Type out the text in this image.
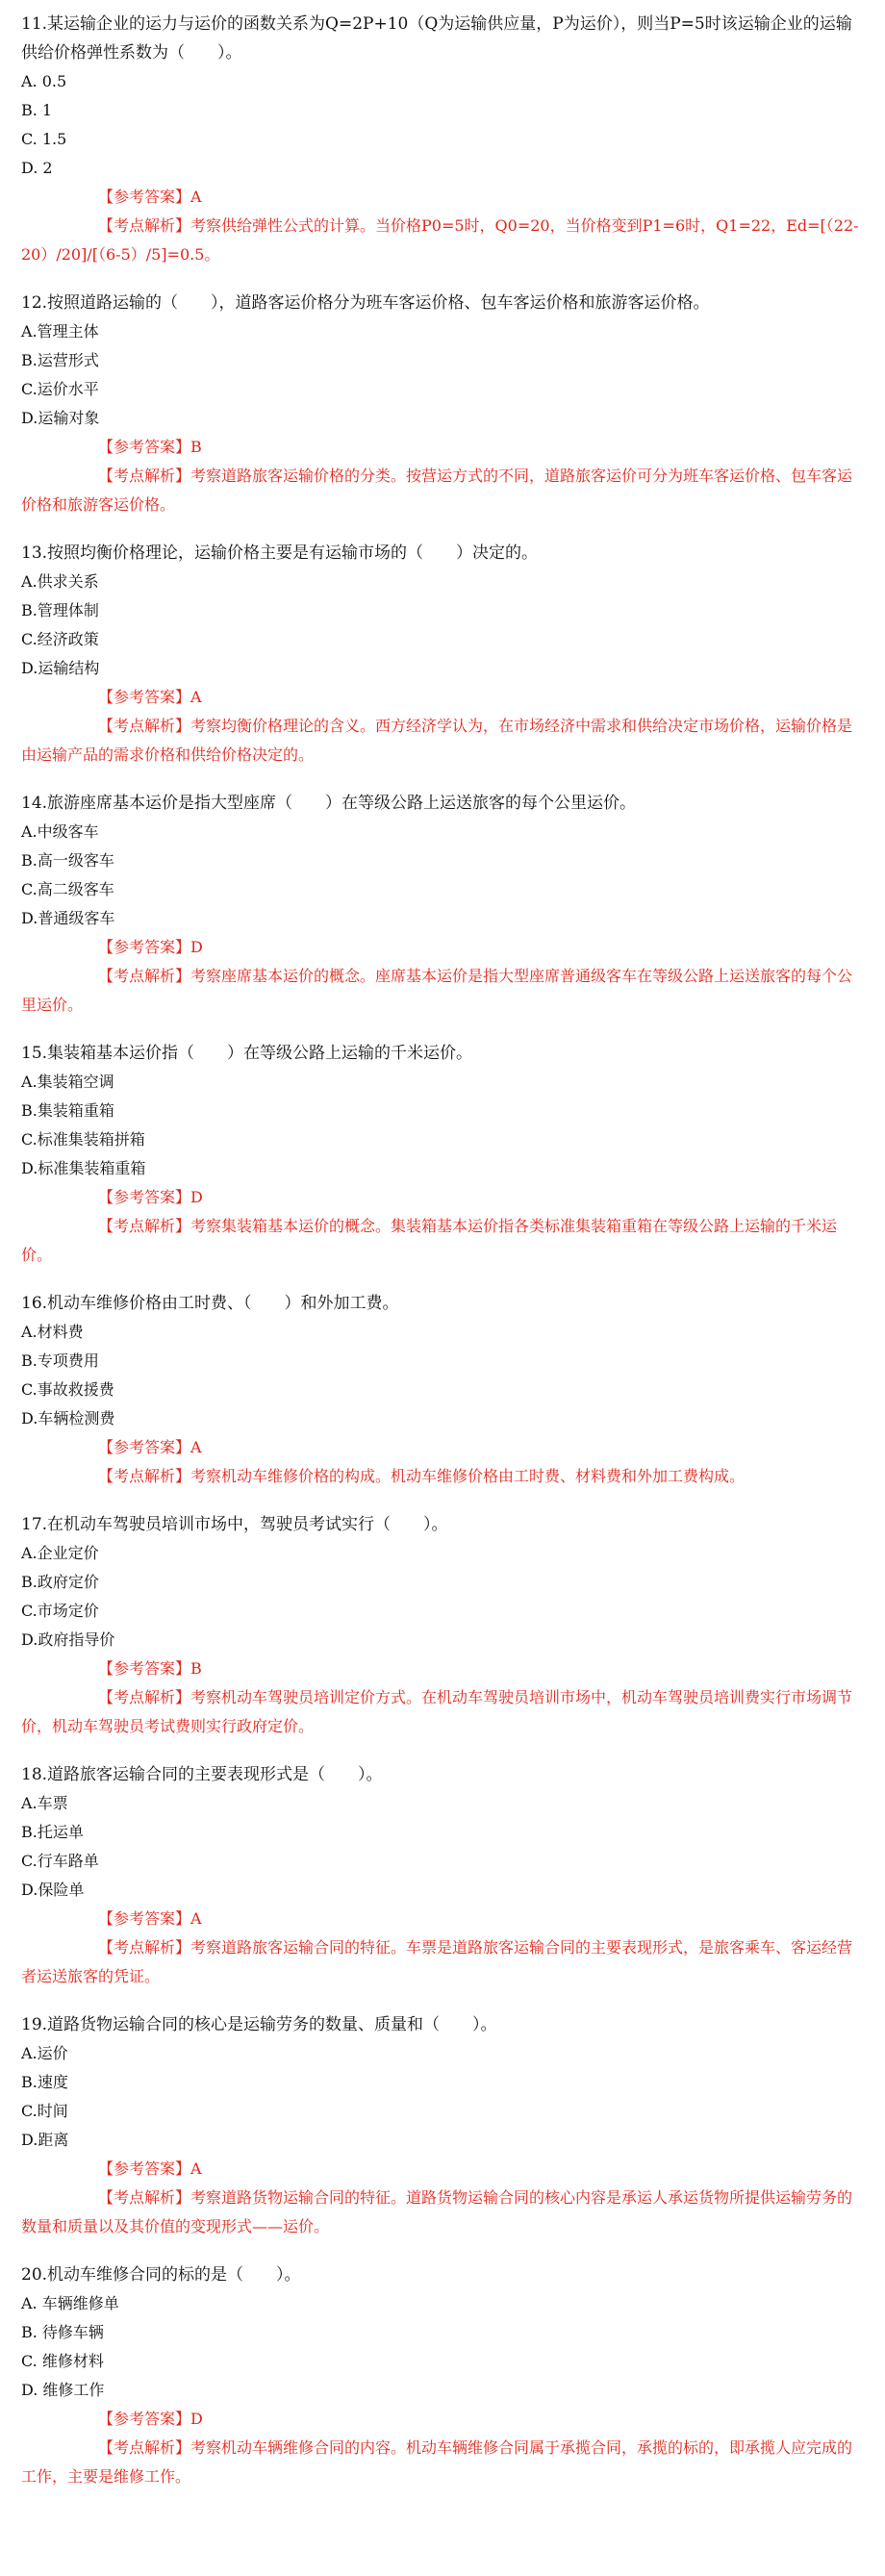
11.某运输企业的运力与运价的函数关系为Q=2P+10（Q为运输供应量，P为运价），则当P=5时该运输企业的运输供给价格弹性系数为（　　）。

A. 0.5

B. 1

C. 1.5

D. 2

【参考答案】A

【考点解析】考察供给弹性公式的计算。当价格P0=5时，Q0=20，当价格变到P1=6时，Q1=22，Ed=[（22-20）/20]/[（6-5）/5]=0.5。

12.按照道路运输的（　　），道路客运价格分为班车客运价格、包车客运价格和旅游客运价格。

A.管理主体

B.运营形式

C.运价水平

D.运输对象

【参考答案】B

【考点解析】考察道路旅客运输价格的分类。按营运方式的不同，道路旅客运价可分为班车客运价格、包车客运价格和旅游客运价格。

13.按照均衡价格理论，运输价格主要是有运输市场的（　　）决定的。

A.供求关系

B.管理体制

C.经济政策

D.运输结构

【参考答案】A

【考点解析】考察均衡价格理论的含义。西方经济学认为，在市场经济中需求和供给决定市场价格，运输价格是由运输产品的需求价格和供给价格决定的。

14.旅游座席基本运价是指大型座席（　　）在等级公路上运送旅客的每个公里运价。

A.中级客车

B.高一级客车

C.高二级客车

D.普通级客车

【参考答案】D

【考点解析】考察座席基本运价的概念。座席基本运价是指大型座席普通级客车在等级公路上运送旅客的每个公里运价。

15.集装箱基本运价指（　　）在等级公路上运输的千米运价。

A.集装箱空调

B.集装箱重箱

C.标准集装箱拼箱

D.标准集装箱重箱

【参考答案】D

【考点解析】考察集装箱基本运价的概念。集装箱基本运价指各类标准集装箱重箱在等级公路上运输的千米运价。

16.机动车维修价格由工时费、（　　）和外加工费。

A.材料费

B.专项费用

C.事故救援费

D.车辆检测费

【参考答案】A

【考点解析】考察机动车维修价格的构成。机动车维修价格由工时费、材料费和外加工费构成。

17.在机动车驾驶员培训市场中，驾驶员考试实行（　　）。

A.企业定价

B.政府定价

C.市场定价

D.政府指导价

【参考答案】B

【考点解析】考察机动车驾驶员培训定价方式。在机动车驾驶员培训市场中，机动车驾驶员培训费实行市场调节价，机动车驾驶员考试费则实行政府定价。

18.道路旅客运输合同的主要表现形式是（　　）。

A.车票

B.托运单

C.行车路单

D.保险单

【参考答案】A

【考点解析】考察道路旅客运输合同的特征。车票是道路旅客运输合同的主要表现形式，是旅客乘车、客运经营者运送旅客的凭证。

19.道路货物运输合同的核心是运输劳务的数量、质量和（　　）。

A.运价

B.速度

C.时间

D.距离

【参考答案】A

【考点解析】考察道路货物运输合同的特征。道路货物运输合同的核心内容是承运人承运货物所提供运输劳务的数量和质量以及其价值的变现形式——运价。

20.机动车维修合同的标的是（　　）。

A. 车辆维修单

B. 待修车辆

C. 维修材料

D. 维修工作

【参考答案】D

【考点解析】考察机动车辆维修合同的内容。机动车辆维修合同属于承揽合同，承揽的标的，即承揽人应完成的工作，主要是维修工作。
